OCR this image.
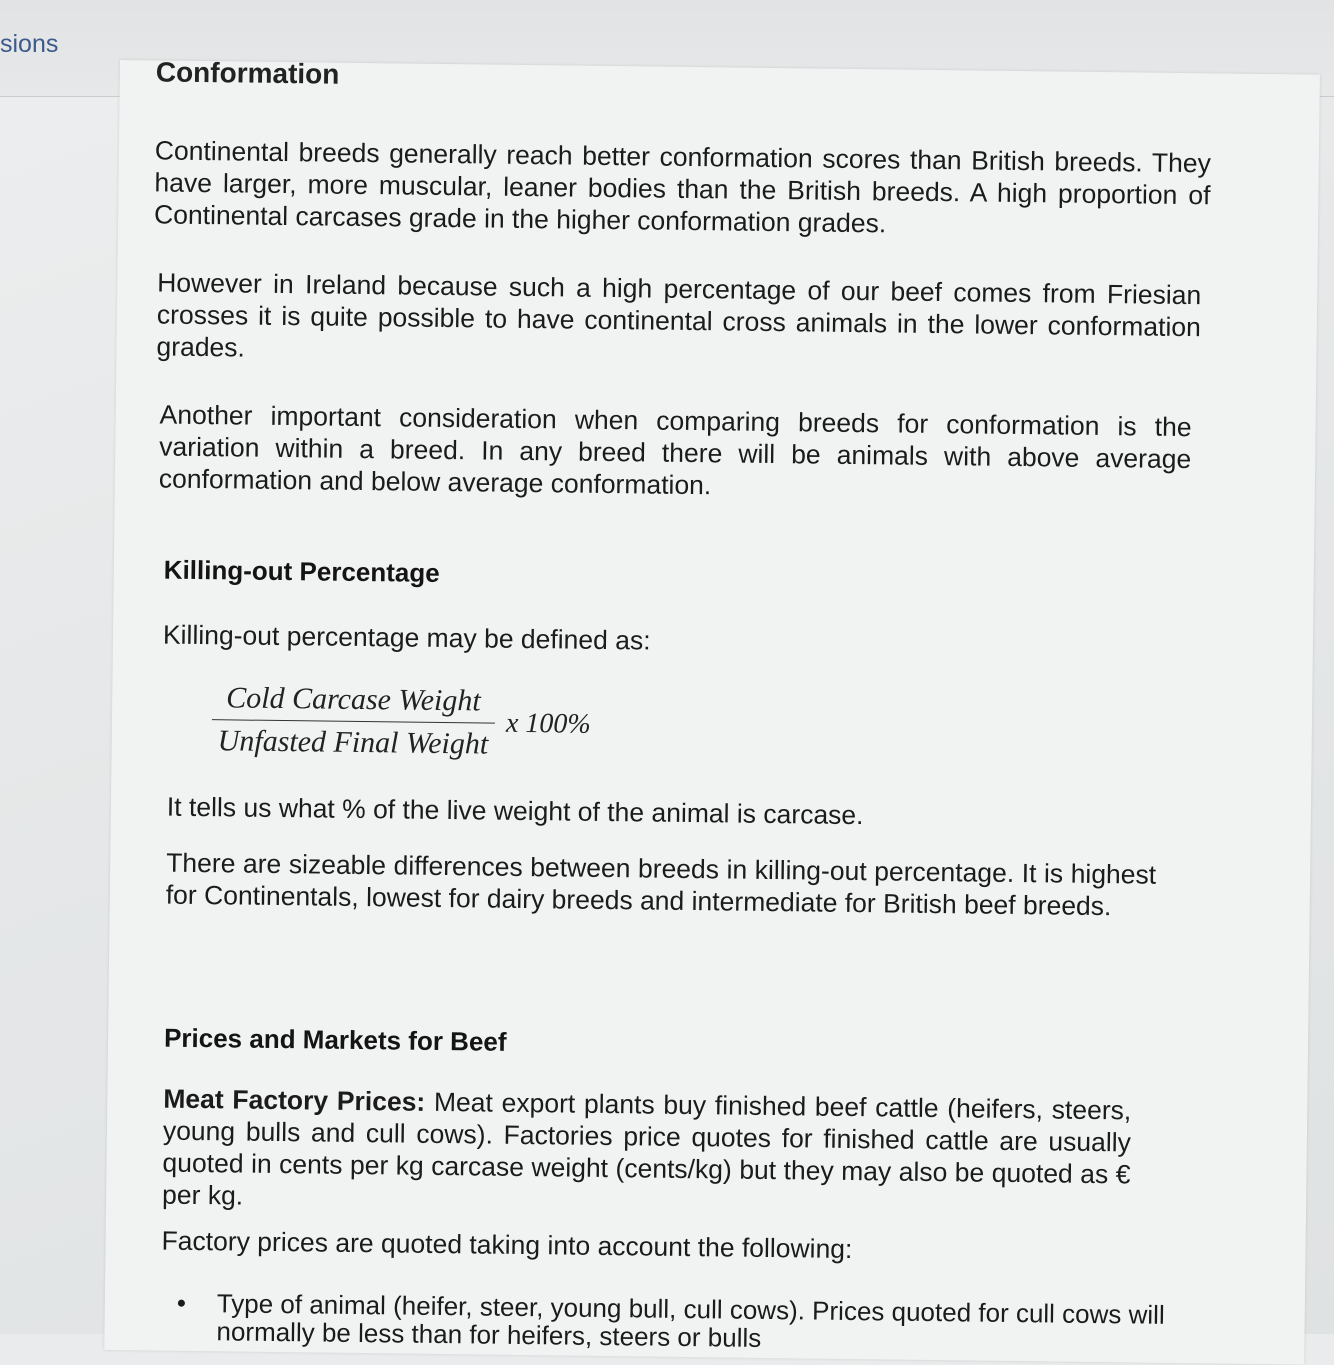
sions
Conformation

Continental breeds generally reach better conformation scores than British breeds. They have larger, more muscular, leaner bodies than the British breeds. A high proportion of Continental carcases grade in the higher conformation grades.

However in Ireland because such a high percentage of our beef comes from Friesian crosses it is quite possible to have continental cross animals in the lower conformation grades.

Another important consideration when comparing breeds for conformation is the variation within a breed. In any breed there will be animals with above average conformation and below average conformation.

Killing-out Percentage

Killing-out percentage may be defined as:

$\frac{\text{Cold Carcase Weight}}{\text{Unfasted Final Weight}}$ x 100%

It tells us what % of the live weight of the animal is carcase.

There are sizeable differences between breeds in killing-out percentage. It is highest for Continentals, lowest for dairy breeds and intermediate for British beef breeds.

Prices and Markets for Beef

Meat Factory Prices: Meat export plants buy finished beef cattle (heifers, steers, young bulls and cull cows). Factories price quotes for finished cattle are usually quoted in cents per kg carcase weight (cents/kg) but they may also be quoted as € per kg.

Factory prices are quoted taking into account the following:

• Type of animal (heifer, steer, young bull, cull cows). Prices quoted for cull cows will normally be less than for heifers, steers or bulls
